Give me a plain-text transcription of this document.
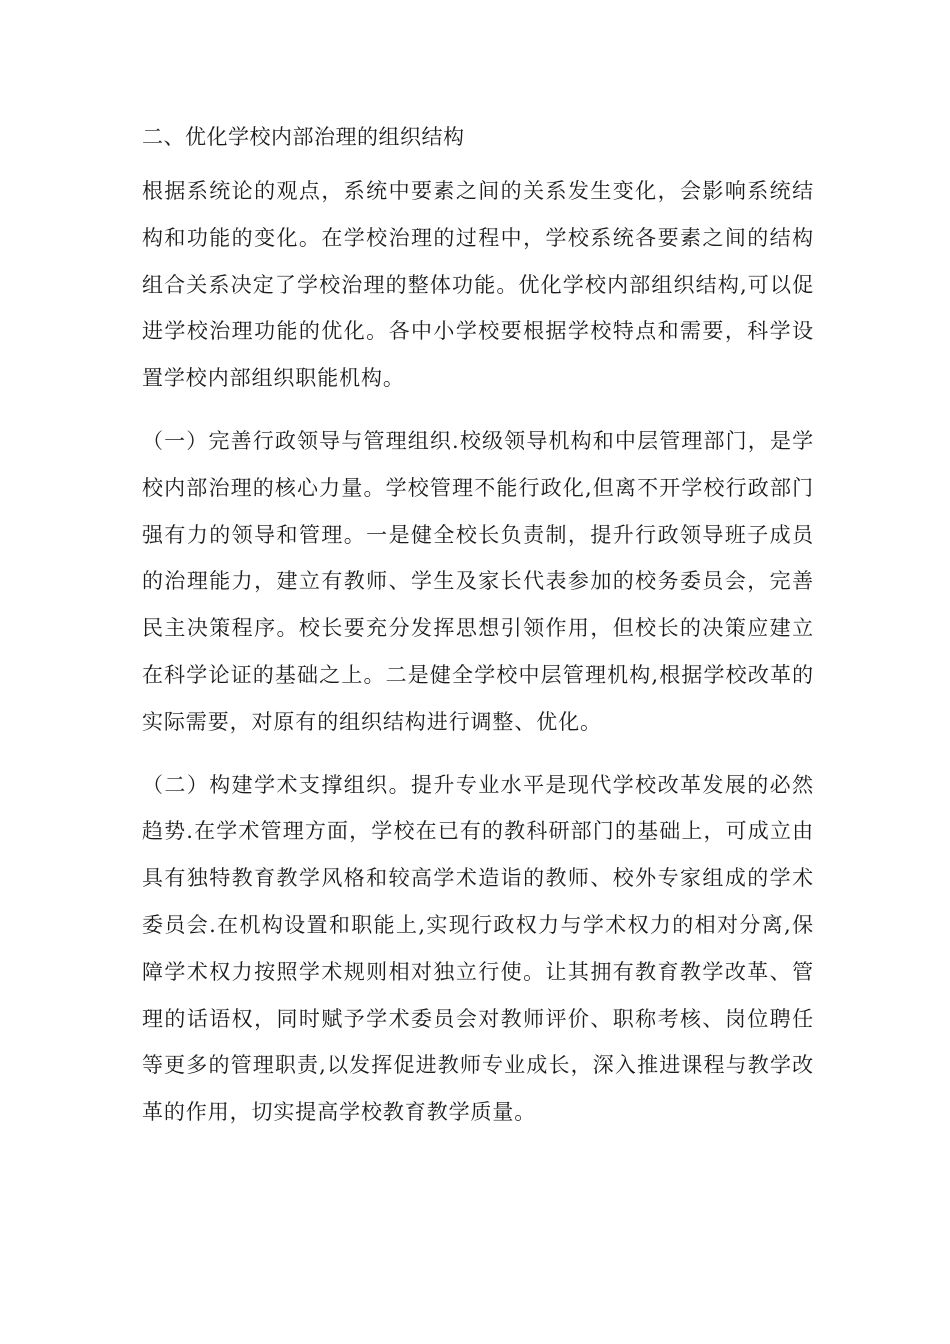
二、优化学校内部治理的组织结构

根据系统论的观点，系统中要素之间的关系发生变化，会影响系统结构和功能的变化。在学校治理的过程中，学校系统各要素之间的结构组合关系决定了学校治理的整体功能。优化学校内部组织结构,可以促进学校治理功能的优化。各中小学校要根据学校特点和需要，科学设置学校内部组织职能机构。

（一）完善行政领导与管理组织.校级领导机构和中层管理部门，是学校内部治理的核心力量。学校管理不能行政化,但离不开学校行政部门强有力的领导和管理。一是健全校长负责制，提升行政领导班子成员的治理能力，建立有教师、学生及家长代表参加的校务委员会，完善民主决策程序。校长要充分发挥思想引领作用，但校长的决策应建立在科学论证的基础之上。二是健全学校中层管理机构,根据学校改革的实际需要，对原有的组织结构进行调整、优化。

（二）构建学术支撑组织。提升专业水平是现代学校改革发展的必然趋势.在学术管理方面，学校在已有的教科研部门的基础上，可成立由具有独特教育教学风格和较高学术造诣的教师、校外专家组成的学术委员会.在机构设置和职能上,实现行政权力与学术权力的相对分离,保障学术权力按照学术规则相对独立行使。让其拥有教育教学改革、管理的话语权，同时赋予学术委员会对教师评价、职称考核、岗位聘任等更多的管理职责,以发挥促进教师专业成长，深入推进课程与教学改革的作用，切实提高学校教育教学质量。
